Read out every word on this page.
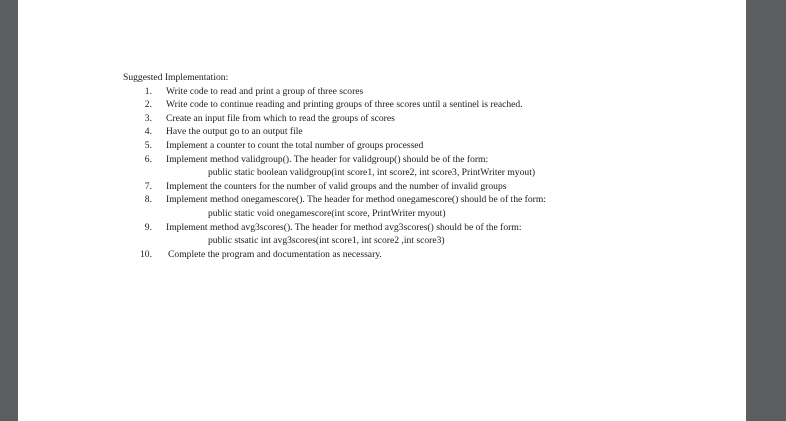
Suggested Implementation:
1. Write code to read and print a group of three scores
2. Write code to continue reading and printing groups of three scores until a sentinel is reached.
3. Create an input file from which to read the groups of scores
4. Have the output go to an output file
5. Implement a counter to count the total number of groups processed
6. Implement method validgroup(). The header for validgroup() should be of the form:
public static boolean validgroup(int score1, int score2, int score3, PrintWriter myout)
7. Implement the counters for the number of valid groups and the number of invalid groups
8. Implement method onegamescore(). The header for method onegamescore() should be of the form:
public static void onegamescore(int score, PrintWriter myout)
9. Implement method avg3scores(). The header for method avg3scores() should be of the form:
public stsatic int avg3scores(int score1, int score2 ,int score3)
10. Complete the program and documentation as necessary.
